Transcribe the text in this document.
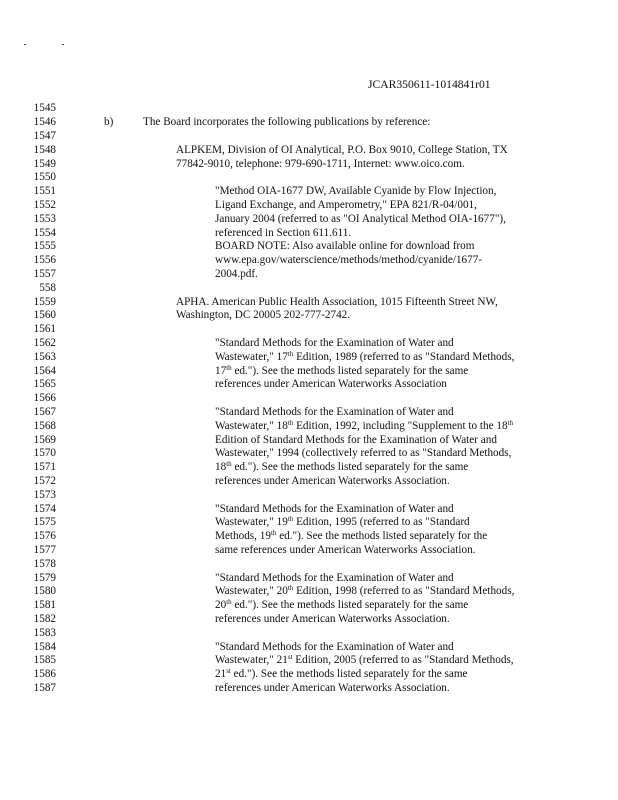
JCAR350611-1014841r01
1545
1546
1547
1548
1549
1550
1551
1552
1553
1554
1555
1556
1557
558
1559
1560
1561
1562
1563
1564
1565
1566
1567
1568
1569
1570
1571
1572
1573
1574
1575
1576
1577
1578
1579
1580
1581
1582
1583
1584
1585
1586
1587
b)	The Board incorporates the following publications by reference:
ALPKEM, Division of OI Analytical, P.O. Box 9010, College Station, TX
77842-9010, telephone: 979-690-1711, Internet: www.oico.com.
"Method OIA-1677 DW, Available Cyanide by Flow Injection,
Ligand Exchange, and Amperometry," EPA 821/R-04/001,
January 2004 (referred to as "OI Analytical Method OIA-1677"),
referenced in Section 611.611.
BOARD NOTE: Also available online for download from
www.epa.gov/waterscience/methods/method/cyanide/1677-
2004.pdf.
APHA. American Public Health Association, 1015 Fifteenth Street NW,
Washington, DC 20005 202-777-2742.
"Standard Methods for the Examination of Water and
Wastewater," 17th Edition, 1989 (referred to as "Standard Methods,
17th ed."). See the methods listed separately for the same
references under American Waterworks Association
"Standard Methods for the Examination of Water and
Wastewater," 18th Edition, 1992, including "Supplement to the 18th
Edition of Standard Methods for the Examination of Water and
Wastewater," 1994 (collectively referred to as "Standard Methods,
18th ed."). See the methods listed separately for the same
references under American Waterworks Association.
"Standard Methods for the Examination of Water and
Wastewater," 19th Edition, 1995 (referred to as "Standard
Methods, 19th ed."). See the methods listed separately for the
same references under American Waterworks Association.
"Standard Methods for the Examination of Water and
Wastewater," 20th Edition, 1998 (referred to as "Standard Methods,
20th ed."). See the methods listed separately for the same
references under American Waterworks Association.
"Standard Methods for the Examination of Water and
Wastewater," 21st Edition, 2005 (referred to as "Standard Methods,
21st ed."). See the methods listed separately for the same
references under American Waterworks Association.
